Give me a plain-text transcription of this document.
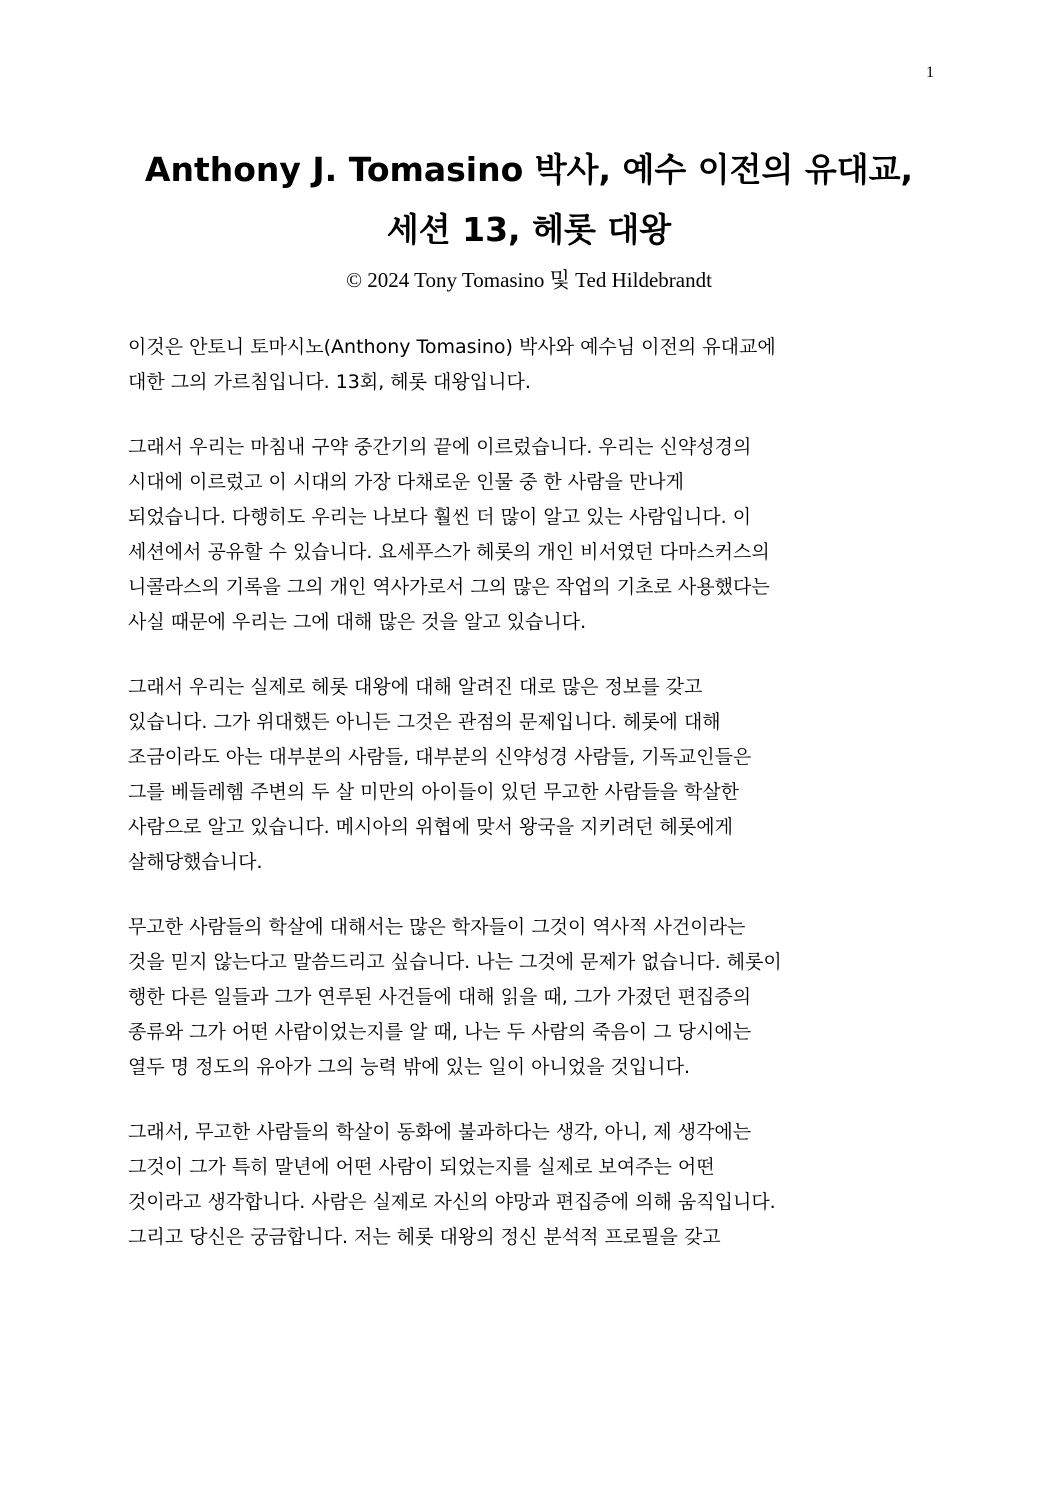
1
Anthony J. Tomasino 박사, 예수 이전의 유대교,
세션 13, 헤롯 대왕
© 2024 Tony Tomasino 및 Ted Hildebrandt

이것은 안토니 토마시노(Anthony Tomasino) 박사와 예수님 이전의 유대교에
대한 그의 가르침입니다. 13회, 헤롯 대왕입니다.

그래서 우리는 마침내 구약 중간기의 끝에 이르렀습니다. 우리는 신약성경의
시대에 이르렀고 이 시대의 가장 다채로운 인물 중 한 사람을 만나게
되었습니다. 다행히도 우리는 나보다 훨씬 더 많이 알고 있는 사람입니다. 이
세션에서 공유할 수 있습니다. 요세푸스가 헤롯의 개인 비서였던 다마스커스의
니콜라스의 기록을 그의 개인 역사가로서 그의 많은 작업의 기초로 사용했다는
사실 때문에 우리는 그에 대해 많은 것을 알고 있습니다.

그래서 우리는 실제로 헤롯 대왕에 대해 알려진 대로 많은 정보를 갖고
있습니다. 그가 위대했든 아니든 그것은 관점의 문제입니다. 헤롯에 대해
조금이라도 아는 대부분의 사람들, 대부분의 신약성경 사람들, 기독교인들은
그를 베들레헴 주변의 두 살 미만의 아이들이 있던 무고한 사람들을 학살한
사람으로 알고 있습니다. 메시아의 위협에 맞서 왕국을 지키려던 헤롯에게
살해당했습니다.

무고한 사람들의 학살에 대해서는 많은 학자들이 그것이 역사적 사건이라는
것을 믿지 않는다고 말씀드리고 싶습니다. 나는 그것에 문제가 없습니다. 헤롯이
행한 다른 일들과 그가 연루된 사건들에 대해 읽을 때, 그가 가졌던 편집증의
종류와 그가 어떤 사람이었는지를 알 때, 나는 두 사람의 죽음이 그 당시에는
열두 명 정도의 유아가 그의 능력 밖에 있는 일이 아니었을 것입니다.

그래서, 무고한 사람들의 학살이 동화에 불과하다는 생각, 아니, 제 생각에는
그것이 그가 특히 말년에 어떤 사람이 되었는지를 실제로 보여주는 어떤
것이라고 생각합니다. 사람은 실제로 자신의 야망과 편집증에 의해 움직입니다.
그리고 당신은 궁금합니다. 저는 헤롯 대왕의 정신 분석적 프로필을 갖고
